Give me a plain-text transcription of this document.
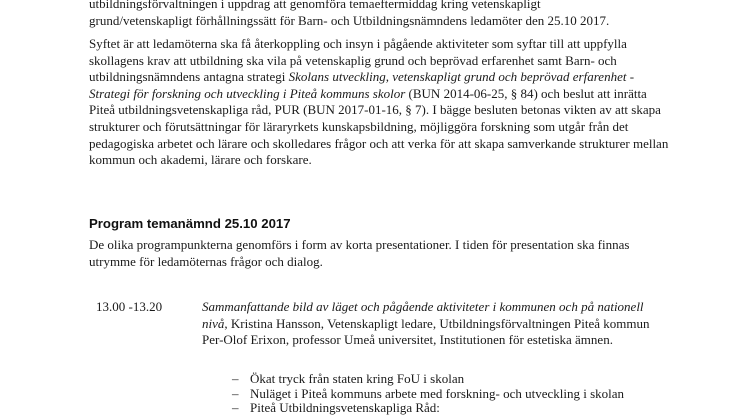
utbildningsförvaltningen i uppdrag att genomföra temaeftermiddag kring vetenskapligt
grund/vetenskapligt förhållningssätt för Barn- och Utbildningsnämndens ledamöter den 25.10 2017.

Syftet är att ledamöterna ska få återkoppling och insyn i pågående aktiviteter som syftar till att uppfylla skollagens krav att utbildning ska vila på vetenskaplig grund och beprövad erfarenhet samt Barn- och utbildningsnämndens antagna strategi Skolans utveckling, vetenskapligt grund och beprövad erfarenhet - Strategi för forskning och utveckling i Piteå kommuns skolor (BUN 2014-06-25, § 84) och beslut att inrätta Piteå utbildningsvetenskapliga råd, PUR (BUN 2017-01-16, § 7). I bägge besluten betonas vikten av att skapa strukturer och förutsättningar för läraryrkets kunskapsbildning, möjliggöra forskning som utgår från det pedagogiska arbetet och lärare och skolledares frågor och att verka för att skapa samverkande strukturer mellan kommun och akademi, lärare och forskare.

Program temanämnd 25.10 2017

De olika programpunkterna genomförs i form av korta presentationer. I tiden för presentation ska finnas utrymme för ledamöternas frågor och dialog.

13.00 -13.20	Sammanfattande bild av läget och pågående aktiviteter i kommunen och på nationell nivå, Kristina Hansson, Vetenskapligt ledare, Utbildningsförvaltningen Piteå kommun Per-Olof Erixon, professor Umeå universitet, Institutionen för estetiska ämnen.

– Ökat tryck från staten kring FoU i skolan
– Nuläget i Piteå kommuns arbete med forskning- och utveckling i skolan
– Piteå Utbildningsvetenskapliga Råd:
